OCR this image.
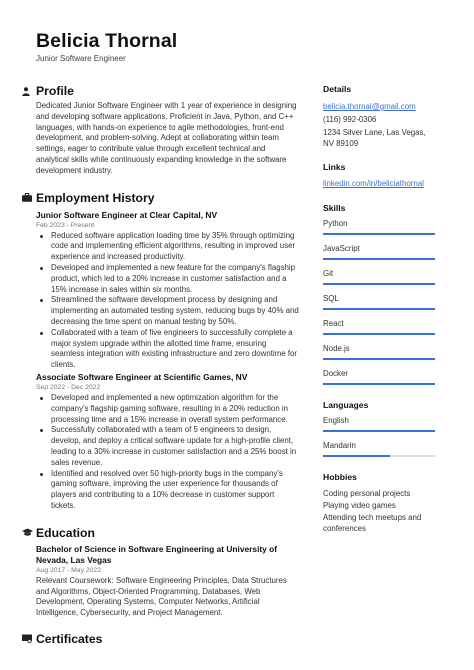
Belicia Thornal
Junior Software Engineer
Profile
Dedicated Junior Software Engineer with 1 year of experience in designing and developing software applications. Proficient in Java, Python, and C++ languages, with hands-on experience to agile methodologies, front-end development, and problem-solving. Adept at collaborating within team settings, eager to contribute value through excellent technical and analytical skills while continuously expanding knowledge in the software development industry.
Employment History
Junior Software Engineer at Clear Capital, NV
Feb 2023 - Present
Reduced software application loading time by 35% through optimizing code and implementing efficient algorithms, resulting in improved user experience and increased productivity.
Developed and implemented a new feature for the company's flagship product, which led to a 20% increase in customer satisfaction and a 15% increase in sales within six months.
Streamlined the software development process by designing and implementing an automated testing system, reducing bugs by 40% and decreasing the time spent on manual testing by 50%.
Collaborated with a team of five engineers to successfully complete a major system upgrade within the allotted time frame, ensuring seamless integration with existing infrastructure and zero downtime for clients.
Associate Software Engineer at Scientific Games, NV
Sep 2022 - Dec 2022
Developed and implemented a new optimization algorithm for the company's flagship gaming software, resulting in a 20% reduction in processing time and a 15% increase in overall system performance.
Successfully collaborated with a team of 5 engineers to design, develop, and deploy a critical software update for a high-profile client, leading to a 30% increase in customer satisfaction and a 25% boost in sales revenue.
Identified and resolved over 50 high-priority bugs in the company's gaming software, improving the user experience for thousands of players and contributing to a 10% decrease in customer support tickets.
Education
Bachelor of Science in Software Engineering at University of Nevada, Las Vegas
Aug 2017 - May 2022
Relevant Coursework: Software Engineering Principles, Data Structures and Algorithms, Object-Oriented Programming, Databases, Web Development, Operating Systems, Computer Networks, Artificial Intelligence, Cybersecurity, and Project Management.
Certificates
Details
belicia.thornal@gmail.com
(116) 992-0306
1234 Silver Lane, Las Vegas, NV 89109
Links
linkedin.com/in/beliciathornal
Skills
Python
JavaScript
Git
SQL
React
Node.js
Docker
Languages
English
Mandarin
Hobbies
Coding personal projects
Playing video games
Attending tech meetups and conferences
